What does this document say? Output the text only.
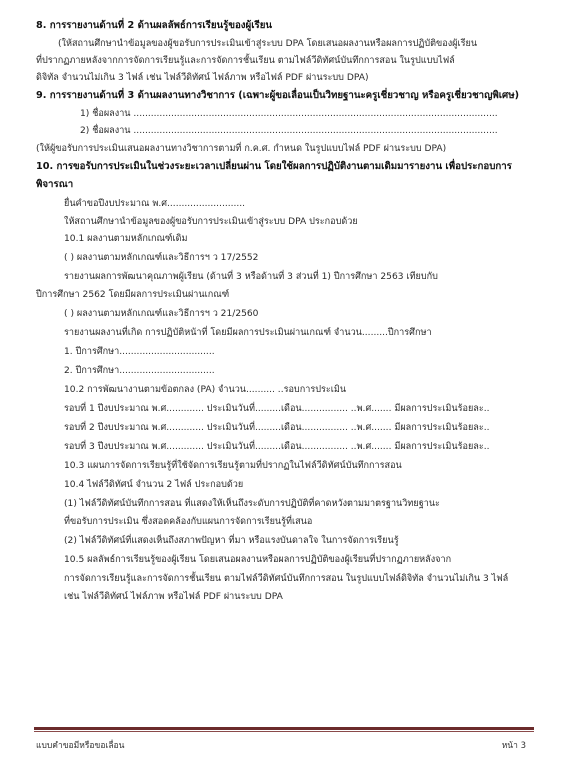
8. การรายงานด้านที่ 2 ด้านผลลัพธ์การเรียนรู้ของผู้เรียน
(ให้สถานศึกษานำข้อมูลของผู้ขอรับการประเมินเข้าสู่ระบบ DPA โดยเสนอผลงานหรือผลการปฏิบัติของผู้เรียน
ที่ปรากฏภายหลังจากการจัดการเรียนรู้และการจัดการชั้นเรียน ตามไฟล์วีดิทัศน์บันทึกการสอน ในรูปแบบไฟล์
ดิจิทัล จำนวนไม่เกิน 3 ไฟล์ เช่น ไฟล์วีดิทัศน์ ไฟล์ภาพ หรือไฟล์ PDF ผ่านระบบ DPA)
9. การรายงานด้านที่ 3 ด้านผลงานทางวิชาการ (เฉพาะผู้ขอเลื่อนเป็นวิทยฐานะครูเชี่ยวชาญ หรือครูเชี่ยวชาญพิเศษ)
1) ชื่อผลงาน ..............................................................................................................................
2) ชื่อผลงาน ..............................................................................................................................
(ให้ผู้ขอรับการประเมินเสนอผลงานทางวิชาการตามที่ ก.ค.ศ. กำหนด ในรูปแบบไฟล์ PDF ผ่านระบบ DPA)
10. การขอรับการประเมินในช่วงระยะเวลาเปลี่ยนผ่าน โดยใช้ผลการปฏิบัติงานตามเดิมมารายงาน เพื่อประกอบการ
พิจารณา
ยื่นคำขอปีงบประมาณ พ.ศ...........................
ให้สถานศึกษานำข้อมูลของผู้ขอรับการประเมินเข้าสู่ระบบ DPA ประกอบด้วย
10.1 ผลงานตามหลักเกณฑ์เดิม
( ) ผลงานตามหลักเกณฑ์และวิธีการฯ ว 17/2552
รายงานผลการพัฒนาคุณภาพผู้เรียน (ด้านที่ 3 หรือด้านที่ 3 ส่วนที่ 1) ปีการศึกษา 2563 เทียบกับ
ปีการศึกษา 2562 โดยมีผลการประเมินผ่านเกณฑ์
( ) ผลงานตามหลักเกณฑ์และวิธีการฯ ว 21/2560
รายงานผลงานที่เกิด การปฏิบัติหน้าที่ โดยมีผลการประเมินผ่านเกณฑ์ จำนวน.........ปีการศึกษา
1. ปีการศึกษา.................................
2. ปีการศึกษา.................................
10.2 การพัฒนางานตามข้อตกลง (PA) จำนวน.......... ..รอบการประเมิน
รอบที่ 1 ปีงบประมาณ พ.ศ............. ประเมินวันที่.........เดือน................ ..พ.ศ....... มีผลการประเมินร้อยละ..
รอบที่ 2 ปีงบประมาณ พ.ศ............. ประเมินวันที่.........เดือน................ ..พ.ศ....... มีผลการประเมินร้อยละ..
รอบที่ 3 ปีงบประมาณ พ.ศ............. ประเมินวันที่.........เดือน................ ..พ.ศ....... มีผลการประเมินร้อยละ..
10.3 แผนการจัดการเรียนรู้ที่ใช้จัดการเรียนรู้ตามที่ปรากฏในไฟล์วีดิทัศน์บันทึกการสอน
10.4 ไฟล์วีดิทัศน์ จำนวน 2 ไฟล์ ประกอบด้วย
(1) ไฟล์วีดิทัศน์บันทึกการสอน ที่แสดงให้เห็นถึงระดับการปฏิบัติที่คาดหวังตามมาตรฐานวิทยฐานะ
ที่ขอรับการประเมิน ซึ่งสอดคล้องกับแผนการจัดการเรียนรู้ที่เสนอ
(2) ไฟล์วีดิทัศน์ที่แสดงเห็นถึงสภาพปัญหา ที่มา หรือแรงบันดาลใจ ในการจัดการเรียนรู้
10.5 ผลลัพธ์การเรียนรู้ของผู้เรียน โดยเสนอผลงานหรือผลการปฏิบัติของผู้เรียนที่ปรากฏภายหลังจาก
การจัดการเรียนรู้และการจัดการชั้นเรียน ตามไฟล์วีดิทัศน์บันทึกการสอน ในรูปแบบไฟล์ดิจิทัล จำนวนไม่เกิน 3 ไฟล์
เช่น ไฟล์วีดิทัศน์ ไฟล์ภาพ หรือไฟล์ PDF ผ่านระบบ DPA
แบบคำขอมีหรือขอเลื่อน	หน้า 3
